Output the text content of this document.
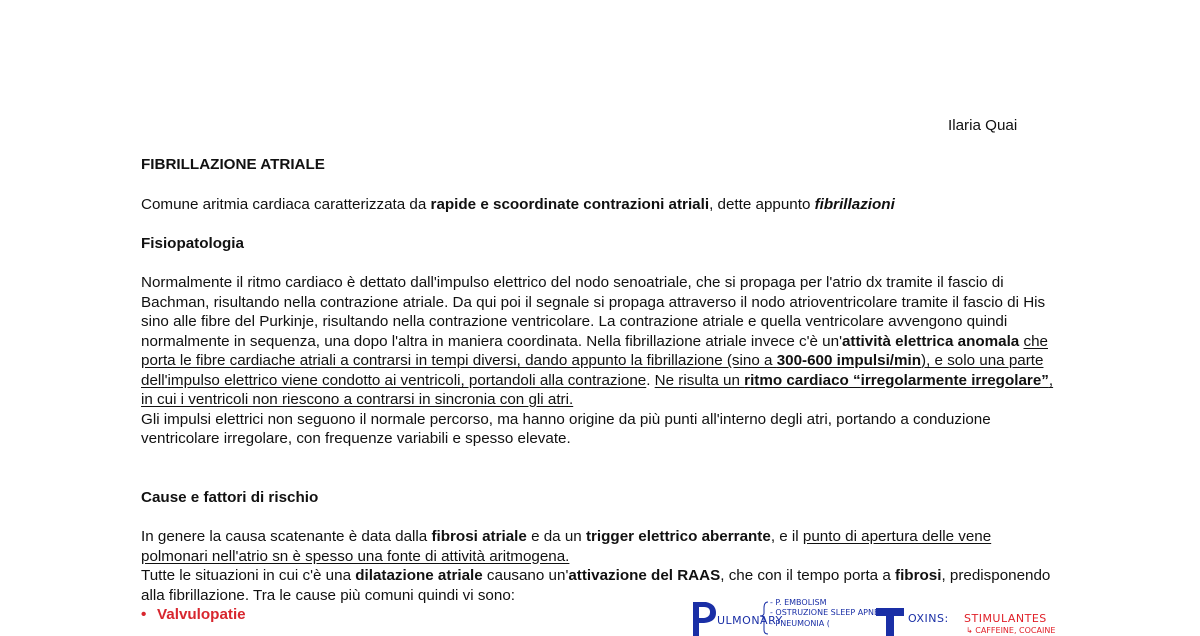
Ilaria Quai
FIBRILLAZIONE ATRIALE
Comune aritmia cardiaca caratterizzata da rapide e scoordinate contrazioni atriali, dette appunto fibrillazioni
Fisiopatologia
Normalmente il ritmo cardiaco è dettato dall'impulso elettrico del nodo senoatriale, che si propaga per l'atrio dx tramite il fascio di Bachman, risultando nella contrazione atriale. Da qui poi il segnale si propaga attraverso il nodo atrioventricolare tramite il fascio di His sino alle fibre del Purkinje, risultando nella contrazione ventricolare. La contrazione atriale e quella ventricolare avvengono quindi normalmente in sequenza, una dopo l'altra in maniera coordinata. Nella fibrillazione atriale invece c'è un'attività elettrica anomala che porta le fibre cardiache atriali a contrarsi in tempi diversi, dando appunto la fibrillazione (sino a 300-600 impulsi/min), e solo una parte dell'impulso elettrico viene condotto ai ventricoli, portandoli alla contrazione. Ne risulta un ritmo cardiaco “irregolarmente irregolare”, in cui i ventricoli non riescono a contrarsi in sincronia con gli atri.
Gli impulsi elettrici non seguono il normale percorso, ma hanno origine da più punti all'interno degli atri, portando a conduzione ventricolare irregolare, con frequenze variabili e spesso elevate.
Cause e fattori di rischio
In genere la causa scatenante è data dalla fibrosi atriale e da un trigger elettrico aberrante, e il punto di apertura delle vene polmonari nell'atrio sn è spesso una fonte di attività aritmogena.
Tutte le situazioni in cui c'è una dilatazione atriale causano un'attivazione del RAAS, che con il tempo porta a fibrosi, predisponendo alla fibrillazione. Tra le cause più comuni quindi vi sono:
• Valvulopatie	ULMONARY
- P. EMBOLISM
- OSTRUZIONE SLEEP APNEA
- PNEUMONIA (	OXINS: STIMULANTES
↳ CAFFEINE, COCAINE
